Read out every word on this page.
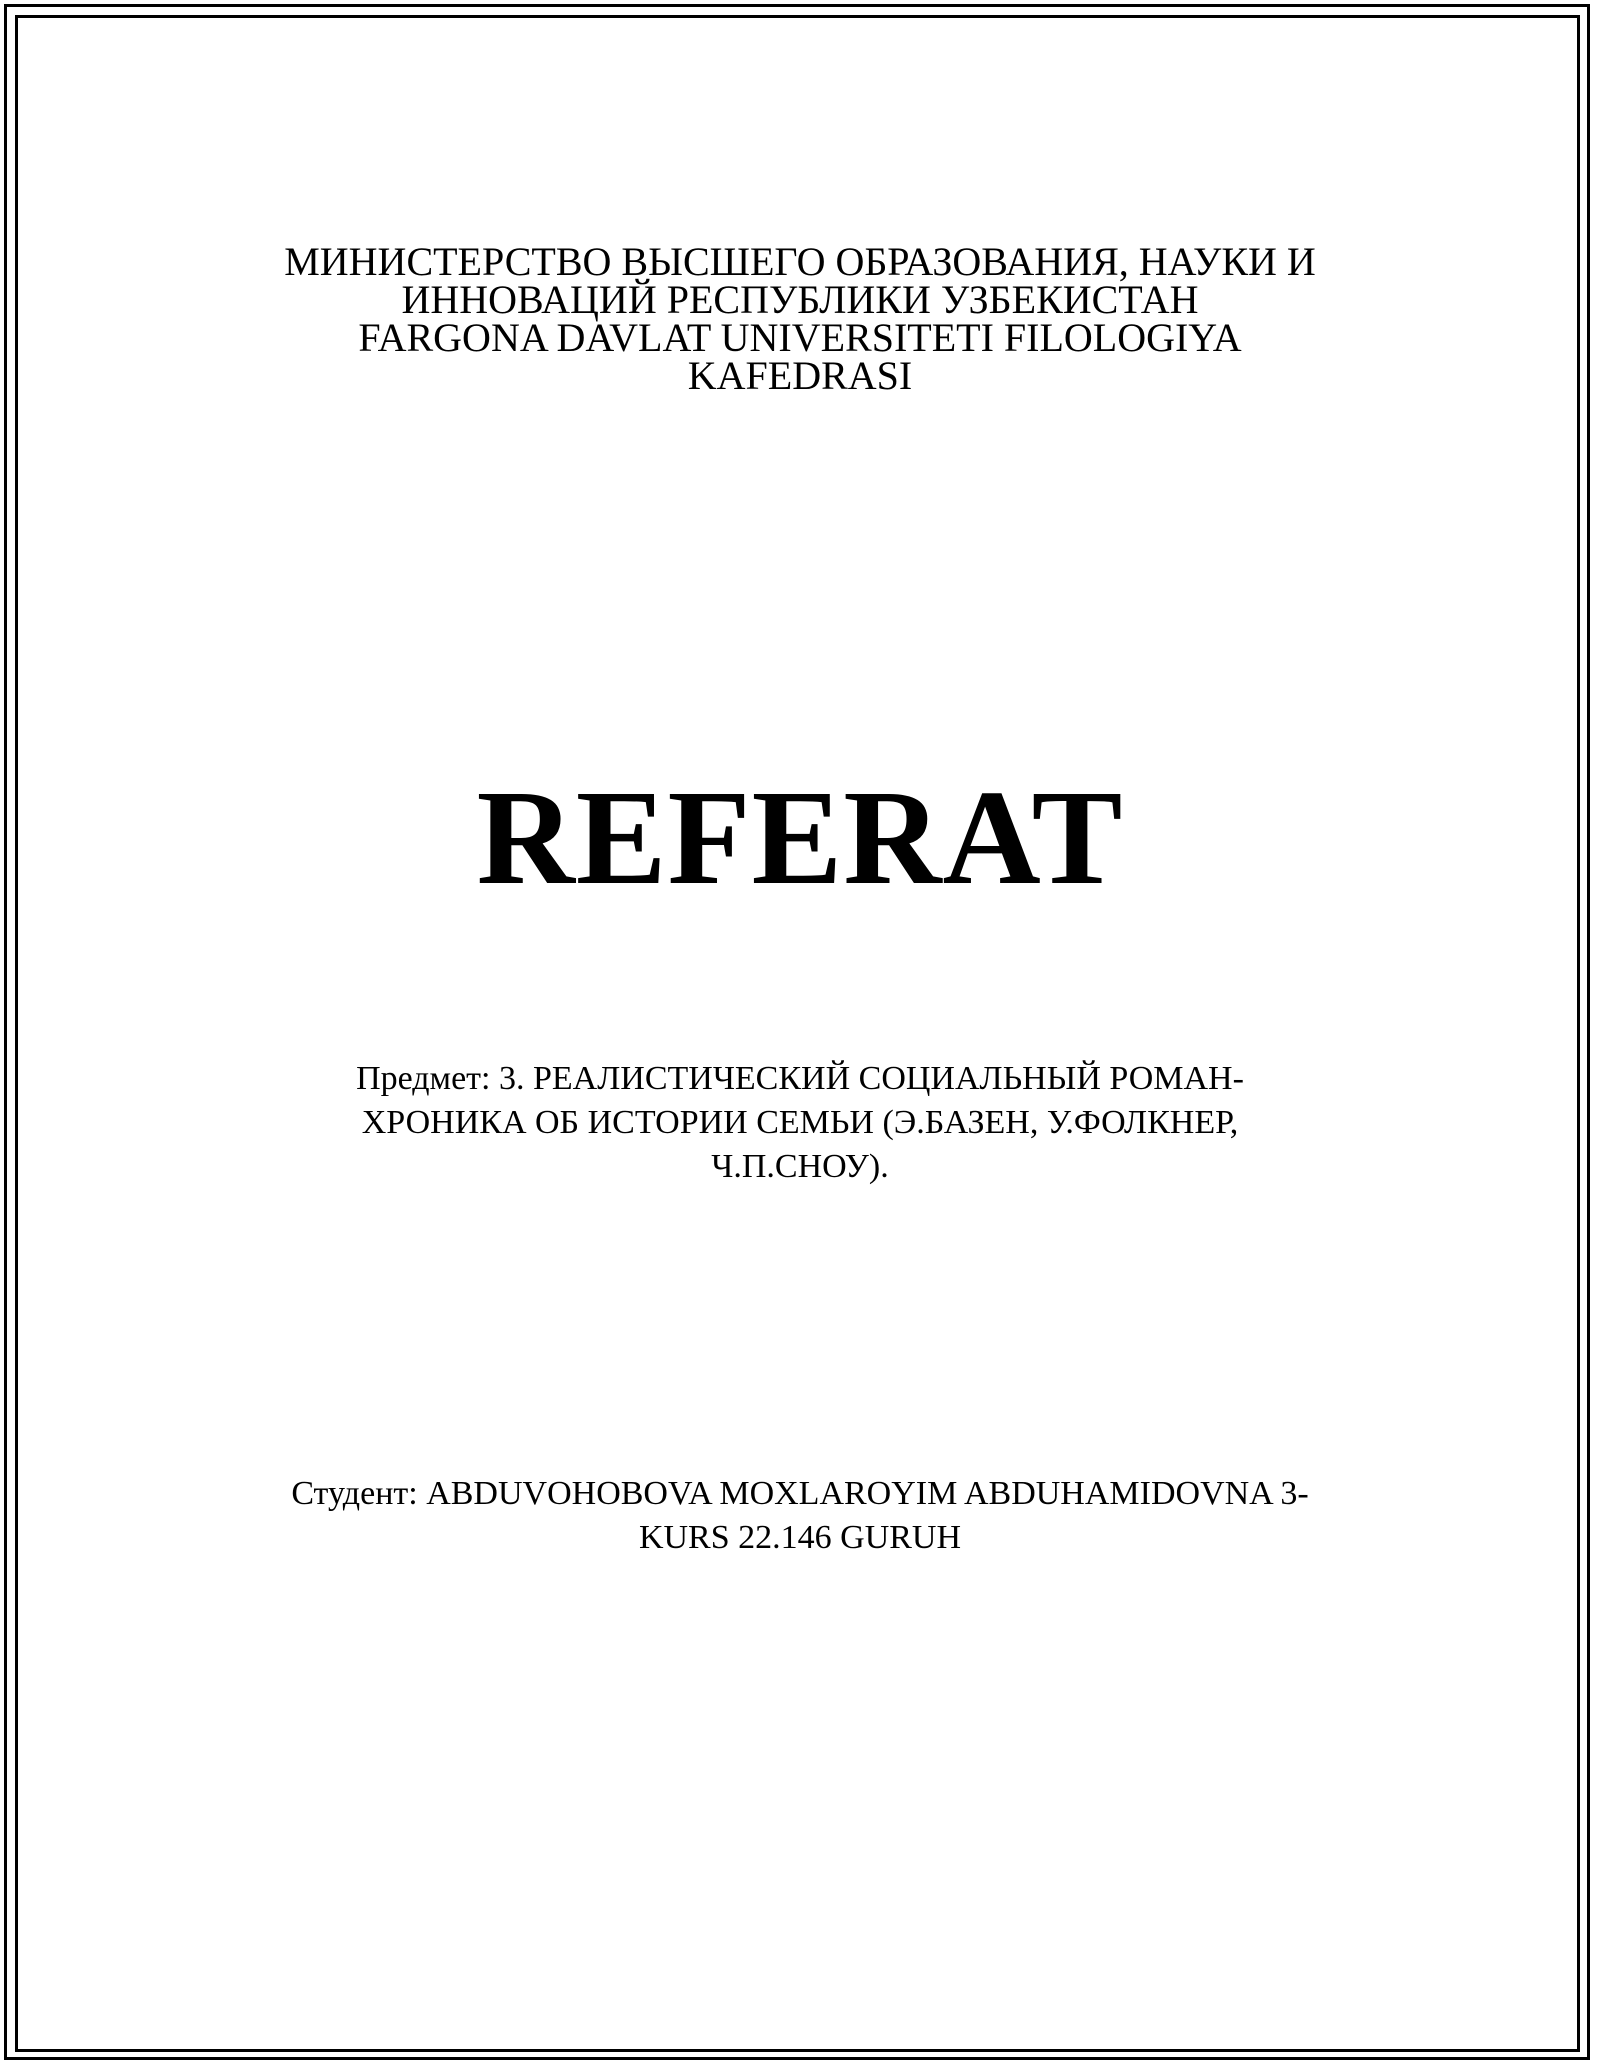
МИНИСТЕРСТВО ВЫСШЕГО ОБРАЗОВАНИЯ, НАУКИ И
ИННОВАЦИЙ РЕСПУБЛИКИ УЗБЕКИСТАН
FARGONA DAVLAT UNIVERSITETI FILOLOGIYA
KAFEDRASI
REFERAT
Предмет: 3. РЕАЛИСТИЧЕСКИЙ СОЦИАЛЬНЫЙ РОМАН-
ХРОНИКА ОБ ИСТОРИИ СЕМЬИ (Э.БАЗЕН, У.ФОЛКНЕР,
Ч.П.СНОУ).
Студент: ABDUVOHOBOVA MOXLAROYIM ABDUHAMIDOVNA 3-
KURS 22.146 GURUH
